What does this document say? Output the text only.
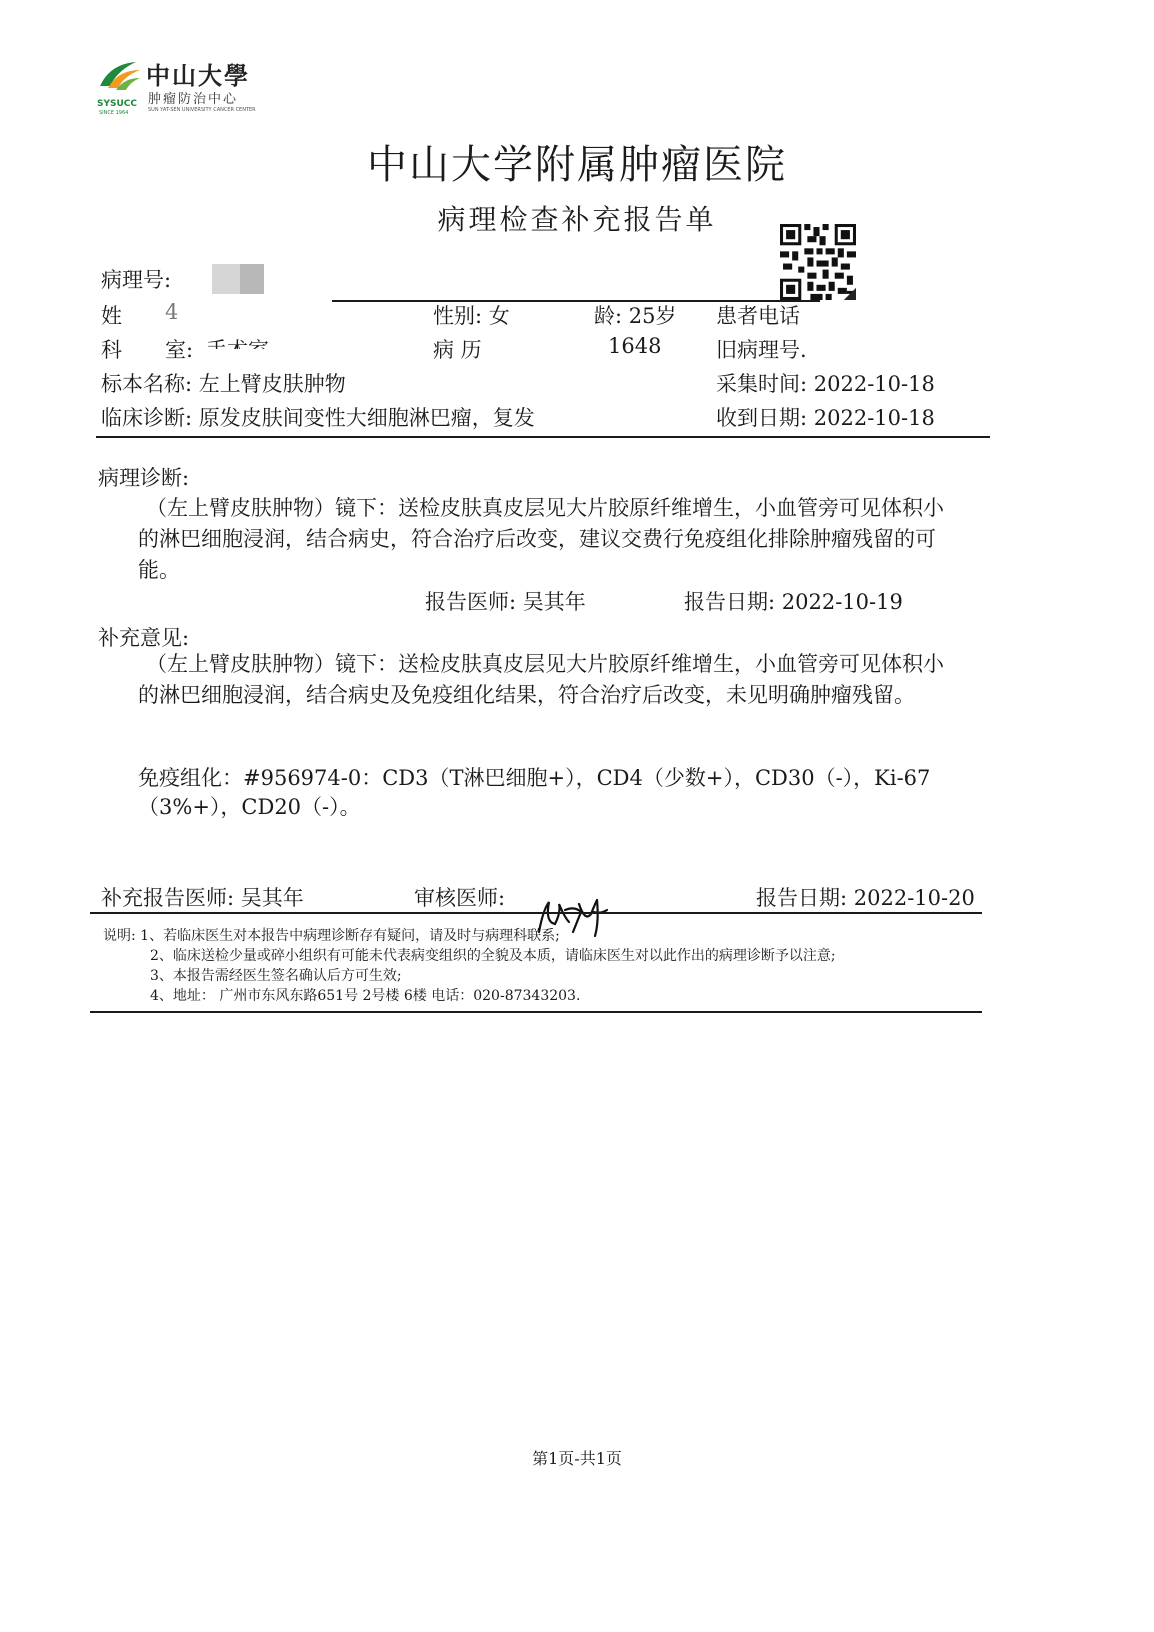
中山大學
肿瘤防治中心
SUN YAT-SEN UNIVERSITY CANCER CENTER
SYSUCC
SINCE 1964
中山大学附属肿瘤医院
病理检查补充报告单
病理号:
姓 4	性别: 女	龄: 25岁 患者电话
科 室:	病 历	1648	旧病理号.
标本名称: 左上臂皮肤肿物	采集时间: 2022-10-18
临床诊断: 原发皮肤间变性大细胞淋巴瘤，复发	收到日期: 2022-10-18
病理诊断:
（左上臂皮肤肿物）镜下：送检皮肤真皮层见大片胶原纤维增生，小血管旁可见体积小的淋巴细胞浸润，结合病史，符合治疗后改变，建议交费行免疫组化排除肿瘤残留的可能。
报告医师: 吴其年	报告日期: 2022-10-19
补充意见:
（左上臂皮肤肿物）镜下：送检皮肤真皮层见大片胶原纤维增生，小血管旁可见体积小的淋巴细胞浸润，结合病史及免疫组化结果，符合治疗后改变，未见明确肿瘤残留。
免疫组化：#956974-0：CD3（T淋巴细胞+），CD4（少数+），CD30（-），Ki-67
（3%+），CD20（-）。
补充报告医师: 吴其年	审核医师:	报告日期: 2022-10-20
说明: 1、若临床医生对本报告中病理诊断存有疑问，请及时与病理科联系;
2、临床送检少量或碎小组织有可能未代表病变组织的全貌及本质，请临床医生对以此作出的病理诊断予以注意;
3、本报告需经医生签名确认后方可生效;
4、地址： 广州市东风东路651号 2号楼 6楼 电话：020-87343203.
第1页-共1页
